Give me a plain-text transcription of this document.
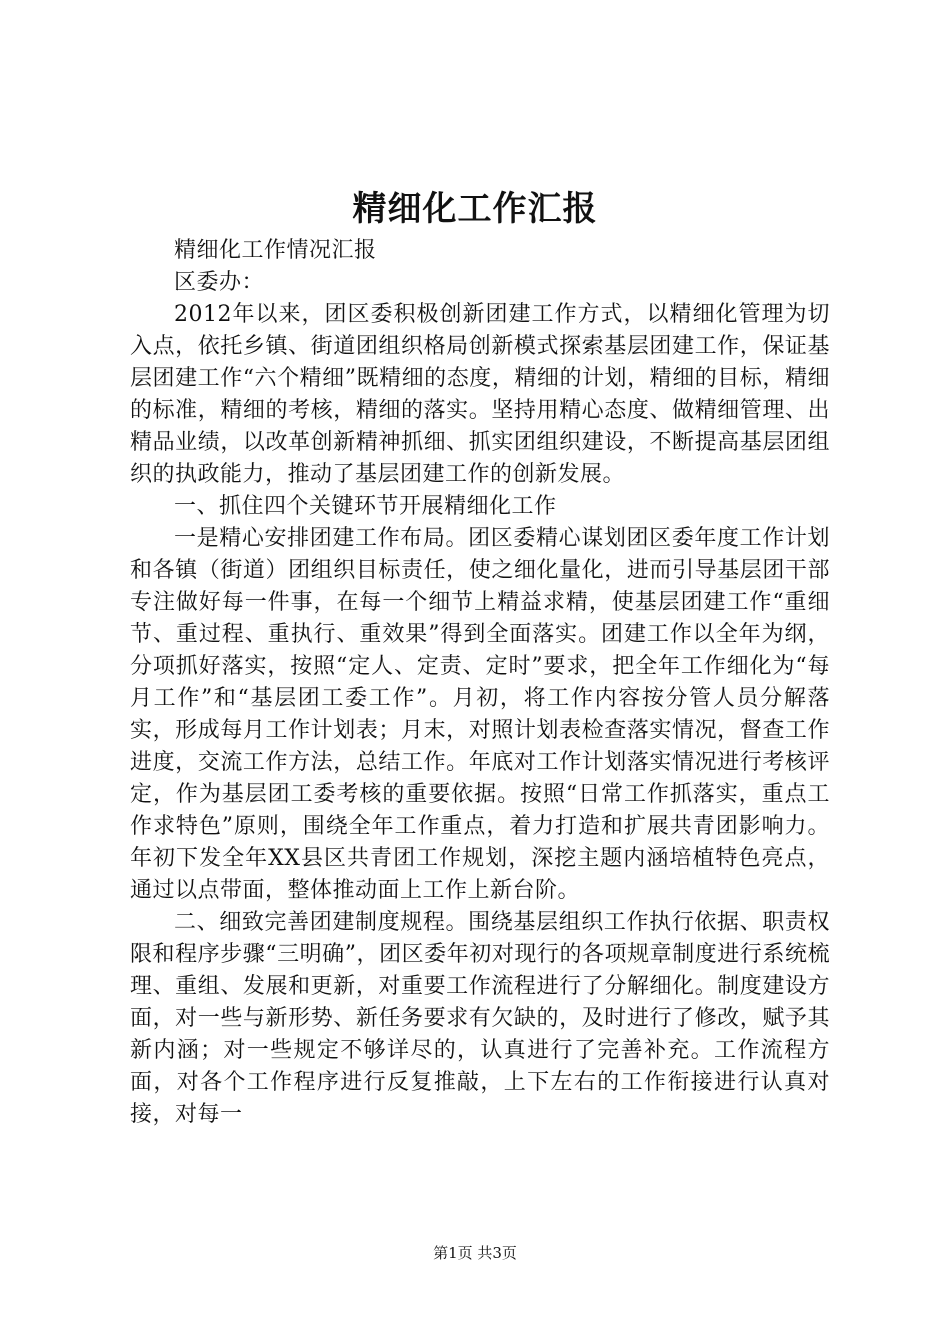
精细化工作汇报

精细化工作情况汇报

区委办：

2012年以来，团区委积极创新团建工作方式，以精细化管理为切入点，依托乡镇、街道团组织格局创新模式探索基层团建工作，保证基层团建工作“六个精细”既精细的态度，精细的计划，精细的目标，精细的标准，精细的考核，精细的落实。坚持用精心态度、做精细管理、出精品业绩，以改革创新精神抓细、抓实团组织建设，不断提高基层团组织的执政能力，推动了基层团建工作的创新发展。

一、抓住四个关键环节开展精细化工作

一是精心安排团建工作布局。团区委精心谋划团区委年度工作计划和各镇（街道）团组织目标责任，使之细化量化，进而引导基层团干部专注做好每一件事，在每一个细节上精益求精，使基层团建工作“重细节、重过程、重执行、重效果”得到全面落实。团建工作以全年为纲，分项抓好落实，按照“定人、定责、定时”要求，把全年工作细化为“每月工作”和“基层团工委工作”。月初，将工作内容按分管人员分解落实，形成每月工作计划表；月末，对照计划表检查落实情况，督查工作进度，交流工作方法，总结工作。年底对工作计划落实情况进行考核评定，作为基层团工委考核的重要依据。按照“日常工作抓落实，重点工作求特色”原则，围绕全年工作重点，着力打造和扩展共青团影响力。年初下发全年XX县区共青团工作规划，深挖主题内涵培植特色亮点，通过以点带面，整体推动面上工作上新台阶。

二、细致完善团建制度规程。围绕基层组织工作执行依据、职责权限和程序步骤“三明确”，团区委年初对现行的各项规章制度进行系统梳理、重组、发展和更新，对重要工作流程进行了分解细化。制度建设方面，对一些与新形势、新任务要求有欠缺的，及时进行了修改，赋予其新内涵；对一些规定不够详尽的，认真进行了完善补充。工作流程方面，对各个工作程序进行反复推敲，上下左右的工作衔接进行认真对接，对每一

第1页 共3页
